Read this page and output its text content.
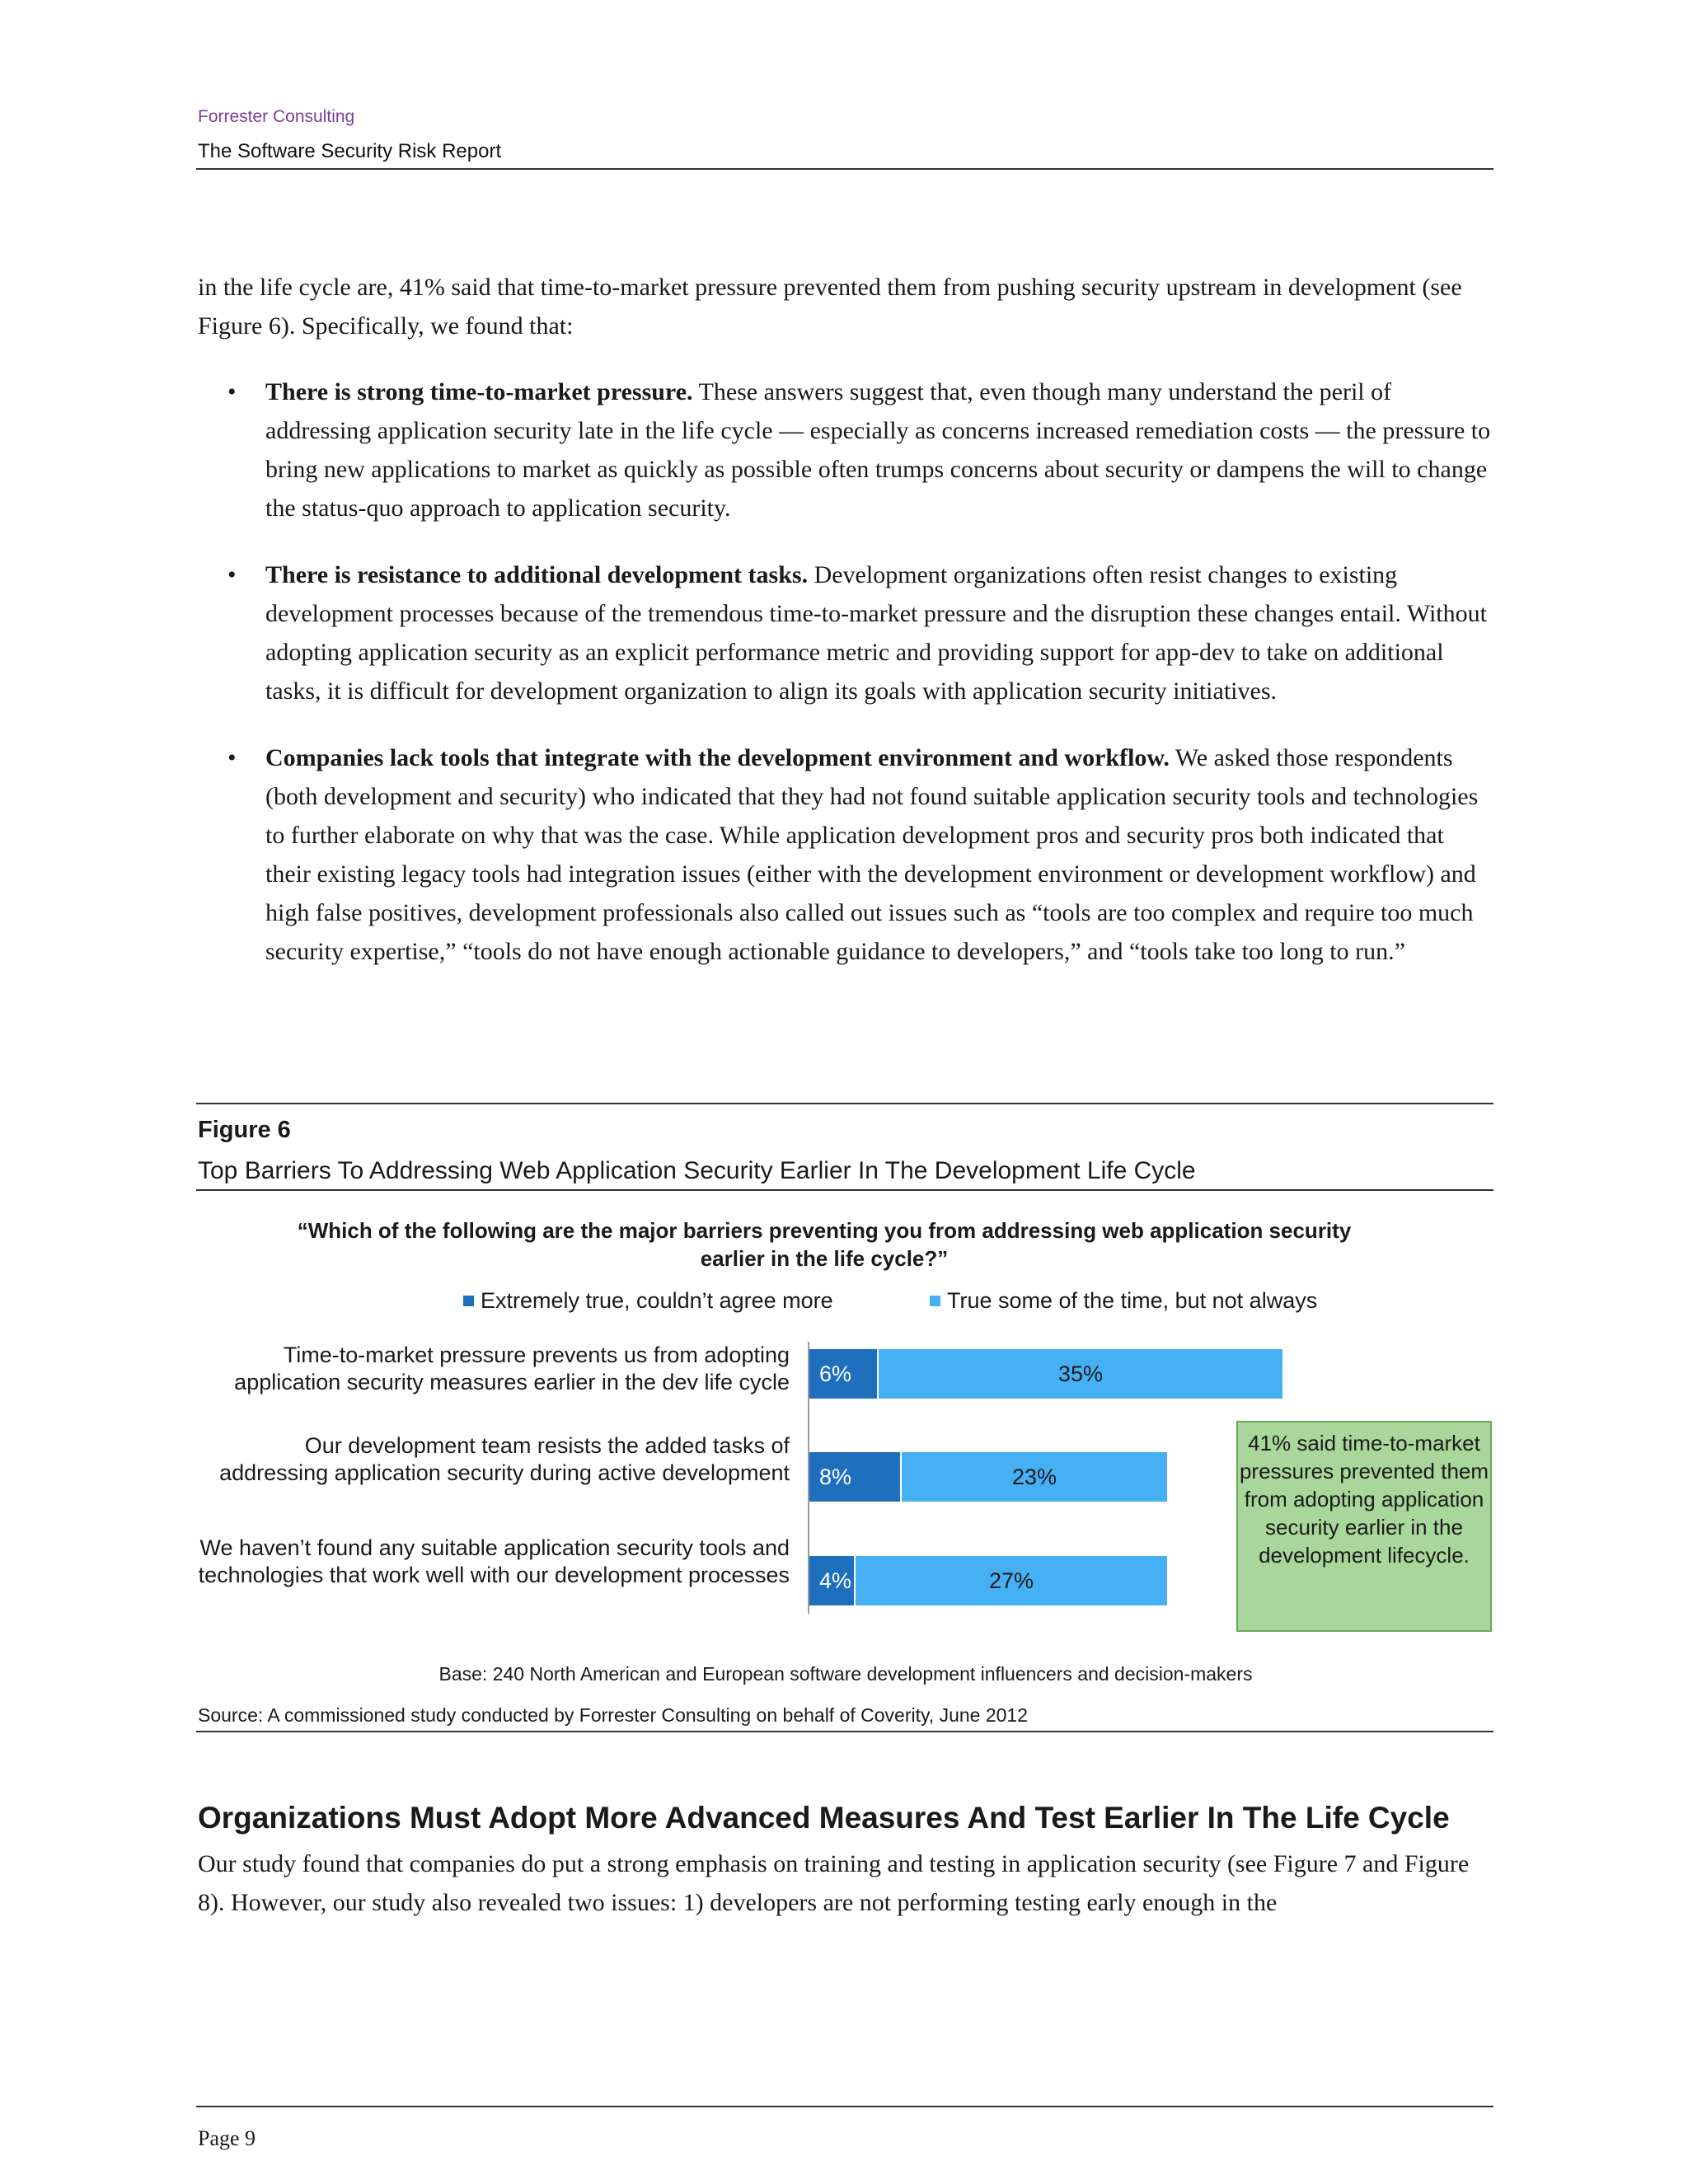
Forrester Consulting
The Software Security Risk Report
in the life cycle are, 41% said that time-to-market pressure prevented them from pushing security upstream in development (see Figure 6). Specifically, we found that:
• There is strong time-to-market pressure. These answers suggest that, even though many understand the peril of addressing application security late in the life cycle — especially as concerns increased remediation costs — the pressure to bring new applications to market as quickly as possible often trumps concerns about security or dampens the will to change the status-quo approach to application security.
• There is resistance to additional development tasks. Development organizations often resist changes to existing development processes because of the tremendous time-to-market pressure and the disruption these changes entail. Without adopting application security as an explicit performance metric and providing support for app-dev to take on additional tasks, it is difficult for development organization to align its goals with application security initiatives.
• Companies lack tools that integrate with the development environment and workflow. We asked those respondents (both development and security) who indicated that they had not found suitable application security tools and technologies to further elaborate on why that was the case. While application development pros and security pros both indicated that their existing legacy tools had integration issues (either with the development environment or development workflow) and high false positives, development professionals also called out issues such as “tools are too complex and require too much security expertise,” “tools do not have enough actionable guidance to developers,” and “tools take too long to run.”
Figure 6
Top Barriers To Addressing Web Application Security Earlier In The Development Life Cycle
“Which of the following are the major barriers preventing you from addressing web application security earlier in the life cycle?”
Extremely true, couldn’t agree more	True some of the time, but not always
Time-to-market pressure prevents us from adopting application security measures earlier in the dev life cycle
Our development team resists the added tasks of addressing application security during active development
We haven’t found any suitable application security tools and technologies that work well with our development processes
6%	35%
8%	23%
4%	27%
41% said time-to-market pressures prevented them from adopting application security earlier in the development lifecycle.
Base: 240 North American and European software development influencers and decision-makers
Source: A commissioned study conducted by Forrester Consulting on behalf of Coverity, June 2012
Organizations Must Adopt More Advanced Measures And Test Earlier In The Life Cycle
Our study found that companies do put a strong emphasis on training and testing in application security (see Figure 7 and Figure 8). However, our study also revealed two issues: 1) developers are not performing testing early enough in the
Page 9
